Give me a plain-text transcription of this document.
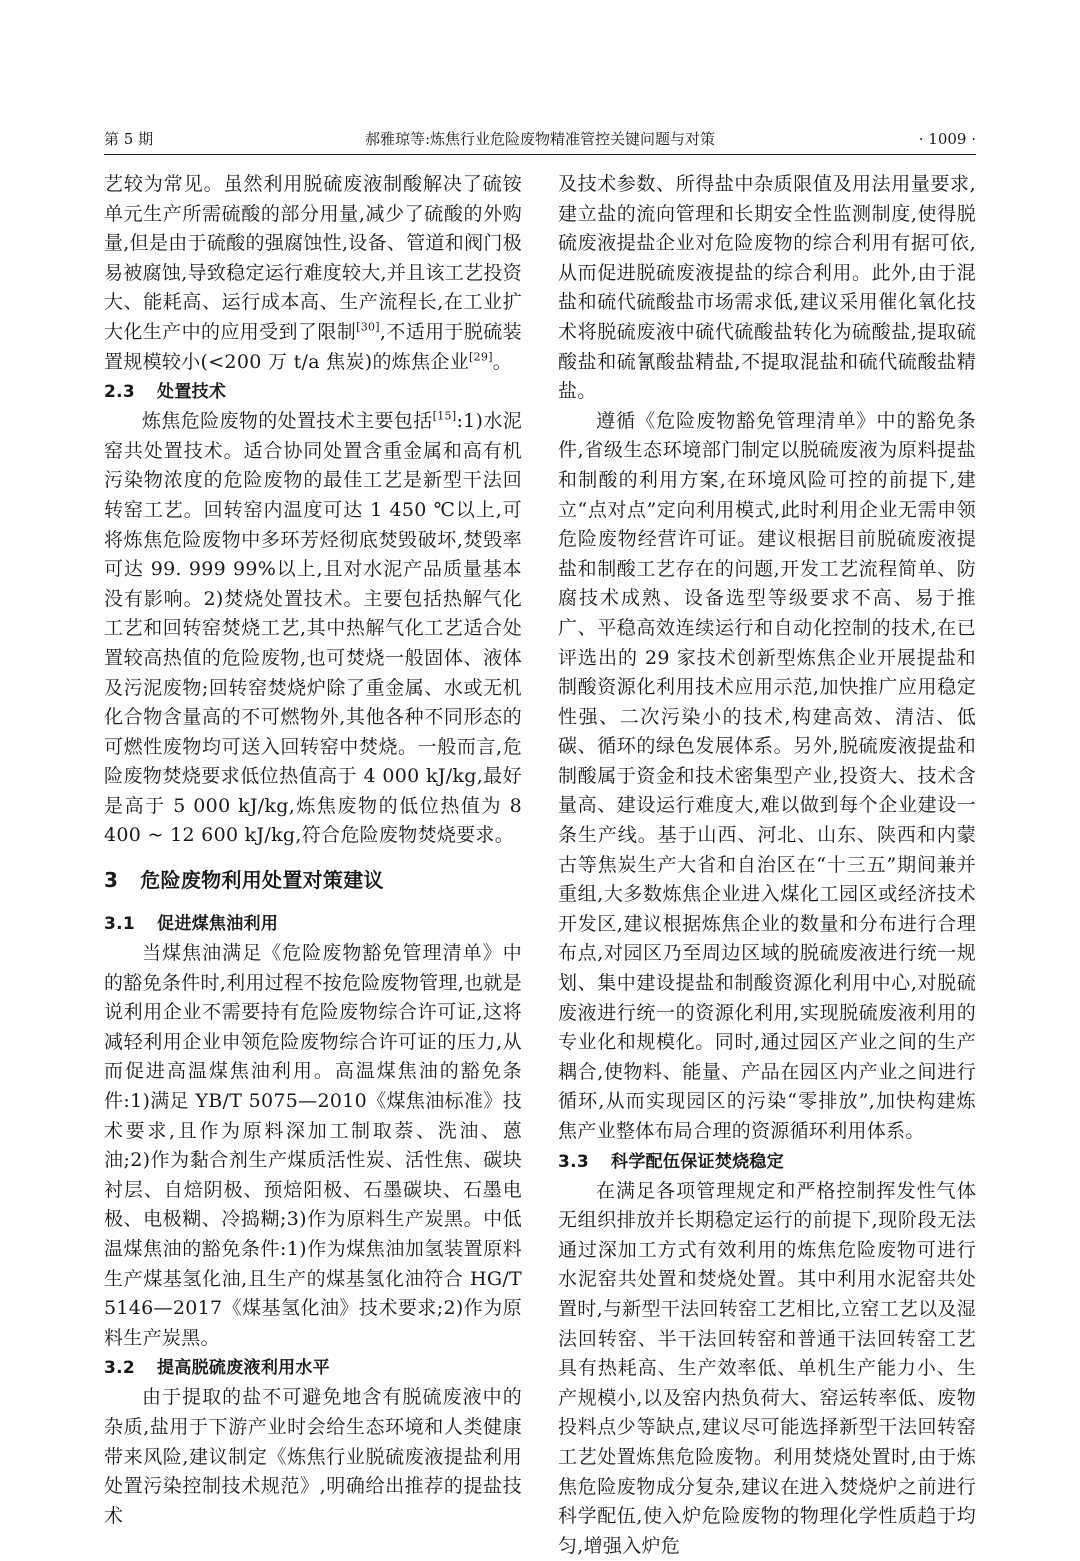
第 5 期	郝雅琼等:炼焦行业危险废物精准管控关键问题与对策	· 1009 ·

艺较为常见。虽然利用脱硫废液制酸解决了硫铵单元生产所需硫酸的部分用量,减少了硫酸的外购量,但是由于硫酸的强腐蚀性,设备、管道和阀门极易被腐蚀,导致稳定运行难度较大,并且该工艺投资大、能耗高、运行成本高、生产流程长,在工业扩大化生产中的应用受到了限制[30],不适用于脱硫装置规模较小(<200 万 t/a 焦炭)的炼焦企业[29]。

2.3 处置技术

炼焦危险废物的处置技术主要包括[15]:1)水泥窑共处置技术。适合协同处置含重金属和高有机污染物浓度的危险废物的最佳工艺是新型干法回转窑工艺。回转窑内温度可达 1 450 ℃以上,可将炼焦危险废物中多环芳烃彻底焚毁破坏,焚毁率可达 99. 999 99%以上,且对水泥产品质量基本没有影响。2)焚烧处置技术。主要包括热解气化工艺和回转窑焚烧工艺,其中热解气化工艺适合处置较高热值的危险废物,也可焚烧一般固体、液体及污泥废物;回转窑焚烧炉除了重金属、水或无机化合物含量高的不可燃物外,其他各种不同形态的可燃性废物均可送入回转窑中焚烧。一般而言,危险废物焚烧要求低位热值高于 4 000 kJ/kg,最好是高于 5 000 kJ/kg,炼焦废物的低位热值为 8 400 ~ 12 600 kJ/kg,符合危险废物焚烧要求。

3 危险废物利用处置对策建议
3.1 促进煤焦油利用

当煤焦油满足《危险废物豁免管理清单》中的豁免条件时,利用过程不按危险废物管理,也就是说利用企业不需要持有危险废物综合许可证,这将减轻利用企业申领危险废物综合许可证的压力,从而促进高温煤焦油利用。高温煤焦油的豁免条件:1)满足 YB/T 5075—2010《煤焦油标准》技术要求,且作为原料深加工制取萘、洗油、蒽油;2)作为黏合剂生产煤质活性炭、活性焦、碳块衬层、自焙阴极、预焙阳极、石墨碳块、石墨电极、电极糊、冷捣糊;3)作为原料生产炭黑。中低温煤焦油的豁免条件:1)作为煤焦油加氢装置原料生产煤基氢化油,且生产的煤基氢化油符合 HG/T 5146—2017《煤基氢化油》技术要求;2)作为原料生产炭黑。

3.2 提高脱硫废液利用水平

由于提取的盐不可避免地含有脱硫废液中的杂质,盐用于下游产业时会给生态环境和人类健康带来风险,建议制定《炼焦行业脱硫废液提盐利用处置污染控制技术规范》,明确给出推荐的提盐技术

及技术参数、所得盐中杂质限值及用法用量要求,建立盐的流向管理和长期安全性监测制度,使得脱硫废液提盐企业对危险废物的综合利用有据可依,从而促进脱硫废液提盐的综合利用。此外,由于混盐和硫代硫酸盐市场需求低,建议采用催化氧化技术将脱硫废液中硫代硫酸盐转化为硫酸盐,提取硫酸盐和硫氰酸盐精盐,不提取混盐和硫代硫酸盐精盐。

遵循《危险废物豁免管理清单》中的豁免条件,省级生态环境部门制定以脱硫废液为原料提盐和制酸的利用方案,在环境风险可控的前提下,建立“点对点”定向利用模式,此时利用企业无需申领危险废物经营许可证。建议根据目前脱硫废液提盐和制酸工艺存在的问题,开发工艺流程简单、防腐技术成熟、设备选型等级要求不高、易于推广、平稳高效连续运行和自动化控制的技术,在已评选出的 29 家技术创新型炼焦企业开展提盐和制酸资源化利用技术应用示范,加快推广应用稳定性强、二次污染小的技术,构建高效、清洁、低碳、循环的绿色发展体系。另外,脱硫废液提盐和制酸属于资金和技术密集型产业,投资大、技术含量高、建设运行难度大,难以做到每个企业建设一条生产线。基于山西、河北、山东、陕西和内蒙古等焦炭生产大省和自治区在“十三五”期间兼并重组,大多数炼焦企业进入煤化工园区或经济技术开发区,建议根据炼焦企业的数量和分布进行合理布点,对园区乃至周边区域的脱硫废液进行统一规划、集中建设提盐和制酸资源化利用中心,对脱硫废液进行统一的资源化利用,实现脱硫废液利用的专业化和规模化。同时,通过园区产业之间的生产耦合,使物料、能量、产品在园区内产业之间进行循环,从而实现园区的污染“零排放”,加快构建炼焦产业整体布局合理的资源循环利用体系。

3.3 科学配伍保证焚烧稳定

在满足各项管理规定和严格控制挥发性气体无组织排放并长期稳定运行的前提下,现阶段无法通过深加工方式有效利用的炼焦危险废物可进行水泥窑共处置和焚烧处置。其中利用水泥窑共处置时,与新型干法回转窑工艺相比,立窑工艺以及湿法回转窑、半干法回转窑和普通干法回转窑工艺具有热耗高、生产效率低、单机生产能力小、生产规模小,以及窑内热负荷大、窑运转率低、废物投料点少等缺点,建议尽可能选择新型干法回转窑工艺处置炼焦危险废物。利用焚烧处置时,由于炼焦危险废物成分复杂,建议在进入焚烧炉之前进行科学配伍,使入炉危险废物的物理化学性质趋于均匀,增强入炉危
